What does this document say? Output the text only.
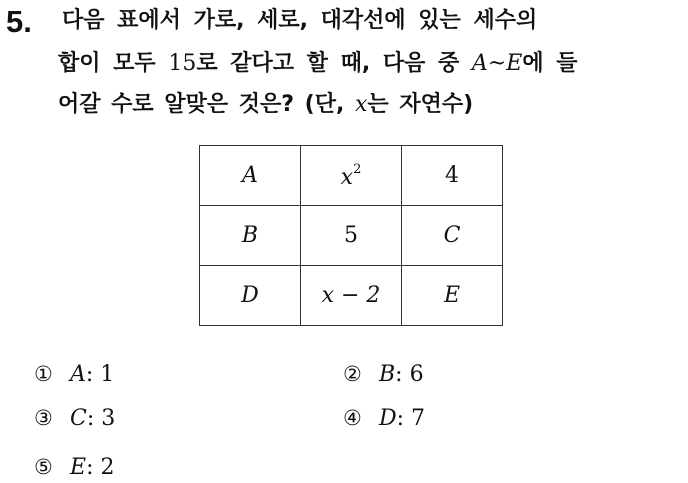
5. 다음 표에서 가로, 세로, 대각선에 있는 세수의
합이 모두 15로 같다고 할 때, 다음 중 A~E에 들
어갈 수로 알맞은 것은? (단, x는 자연수)
A	$x^2$	4
B	5	C
D	x − 2	E
① A: 1	② B: 6
③ C: 3	④ D: 7
⑤ E: 2
